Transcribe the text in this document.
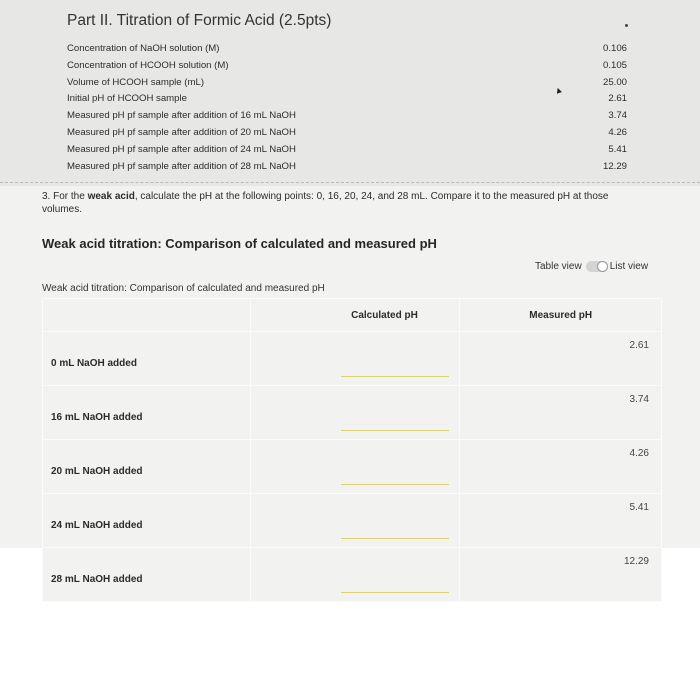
Part II. Titration of Formic Acid (2.5pts)
Concentration of NaOH solution (M)	0.106
Concentration of HCOOH solution (M)	0.105
Volume of HCOOH sample (mL)	25.00
Initial pH of HCOOH sample	2.61
Measured pH pf sample after addition of 16 mL NaOH	3.74
Measured pH pf sample after addition of 20 mL NaOH	4.26
Measured pH pf sample after addition of 24 mL NaOH	5.41
Measured pH pf sample after addition of 28 mL NaOH	12.29
▲
3. For the weak acid, calculate the pH at the following points: 0, 16, 20, 24, and 28 mL. Compare it to the measured pH at those volumes.
Weak acid titration: Comparison of calculated and measured pH
Table view	List view
Weak acid titration: Comparison of calculated and measured pH
	Calculated pH	Measured pH
0 mL NaOH added		2.61
16 mL NaOH added		3.74
20 mL NaOH added		4.26
24 mL NaOH added		5.41
28 mL NaOH added		12.29
